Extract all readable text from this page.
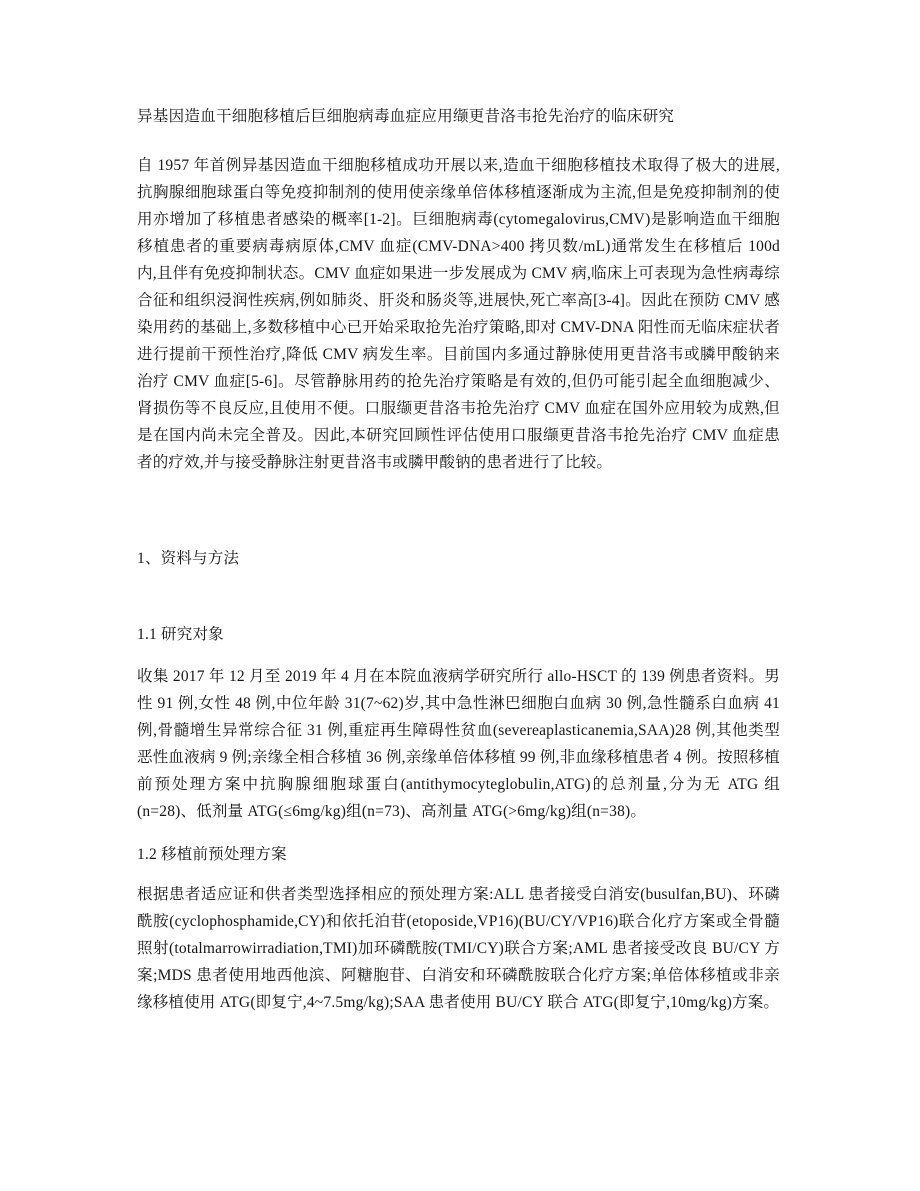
异基因造血干细胞移植后巨细胞病毒血症应用缬更昔洛韦抢先治疗的临床研究

自 1957 年首例异基因造血干细胞移植成功开展以来,造血干细胞移植技术取得了极大的进展,抗胸腺细胞球蛋白等免疫抑制剂的使用使亲缘单倍体移植逐渐成为主流,但是免疫抑制剂的使用亦增加了移植患者感染的概率[1-2]。巨细胞病毒(cytomegalovirus,CMV)是影响造血干细胞移植患者的重要病毒病原体,CMV 血症(CMV-DNA>400 拷贝数/mL)通常发生在移植后 100d 内,且伴有免疫抑制状态。CMV 血症如果进一步发展成为 CMV 病,临床上可表现为急性病毒综合征和组织浸润性疾病,例如肺炎、肝炎和肠炎等,进展快,死亡率高[3-4]。因此在预防 CMV 感染用药的基础上,多数移植中心已开始采取抢先治疗策略,即对 CMV-DNA 阳性而无临床症状者进行提前干预性治疗,降低 CMV 病发生率。目前国内多通过静脉使用更昔洛韦或膦甲酸钠来治疗 CMV 血症[5-6]。尽管静脉用药的抢先治疗策略是有效的,但仍可能引起全血细胞减少、肾损伤等不良反应,且使用不便。口服缬更昔洛韦抢先治疗 CMV 血症在国外应用较为成熟,但是在国内尚未完全普及。因此,本研究回顾性评估使用口服缬更昔洛韦抢先治疗 CMV 血症患者的疗效,并与接受静脉注射更昔洛韦或膦甲酸钠的患者进行了比较。

1、资料与方法
1.1 研究对象

收集 2017 年 12 月至 2019 年 4 月在本院血液病学研究所行 allo-HSCT 的 139 例患者资料。男性 91 例,女性 48 例,中位年龄 31(7~62)岁,其中急性淋巴细胞白血病 30 例,急性髓系白血病 41 例,骨髓增生异常综合征 31 例,重症再生障碍性贫血(severeaplasticanemia,SAA)28 例,其他类型恶性血液病 9 例;亲缘全相合移植 36 例,亲缘单倍体移植 99 例,非血缘移植患者 4 例。按照移植前预处理方案中抗胸腺细胞球蛋白(antithymocyteglobulin,ATG)的总剂量,分为无 ATG 组(n=28)、低剂量 ATG(≤6mg/kg)组(n=73)、高剂量 ATG(>6mg/kg)组(n=38)。

1.2 移植前预处理方案

根据患者适应证和供者类型选择相应的预处理方案:ALL 患者接受白消安(busulfan,BU)、环磷酰胺(cyclophosphamide,CY)和依托泊苷(etoposide,VP16)(BU/CY/VP16)联合化疗方案或全骨髓照射(totalmarrowirradiation,TMI)加环磷酰胺(TMI/CY)联合方案;AML 患者接受改良 BU/CY 方案;MDS 患者使用地西他滨、阿糖胞苷、白消安和环磷酰胺联合化疗方案;单倍体移植或非亲缘移植使用 ATG(即复宁,4~7.5mg/kg);SAA 患者使用 BU/CY 联合 ATG(即复宁,10mg/kg)方案。
